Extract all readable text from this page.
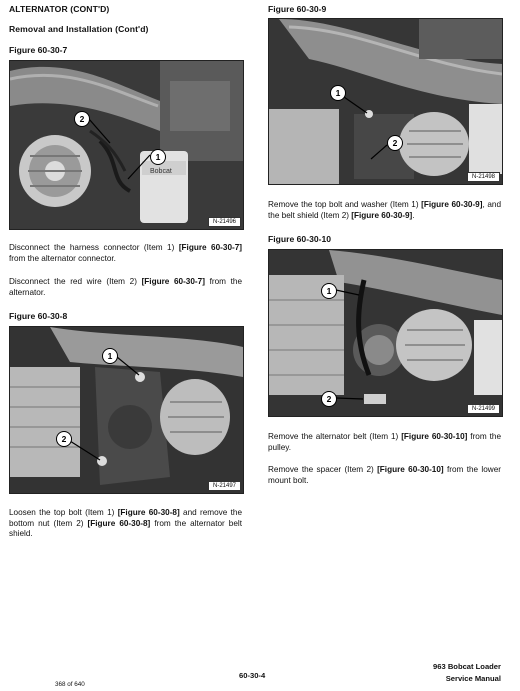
ALTERNATOR (CONT'D)
Removal and Installation (Cont'd)
Figure 60-30-7
Bobcat
2
1
N-21496
Disconnect the harness connector (Item 1) [Figure 60-30-7] from the alternator connector.
Disconnect the red wire (Item 2) [Figure 60-30-7] from the alternator.
Figure 60-30-8
1
2
N-21497
Loosen the top bolt (Item 1) [Figure 60-30-8] and remove the bottom nut (Item 2) [Figure 60-30-8] from the alternator belt shield.
Figure 60-30-9
1
2
N-21498
Remove the top bolt and washer (Item 1) [Figure 60-30-9], and the belt shield (Item 2) [Figure 60-30-9].
Figure 60-30-10
1
2
N-21499
Remove the alternator belt (Item 1) [Figure 60-30-10] from the pulley.
Remove the spacer (Item 2) [Figure 60-30-10] from the lower mount bolt.
368 of 640
60-30-4
963 Bobcat Loader
Service Manual
